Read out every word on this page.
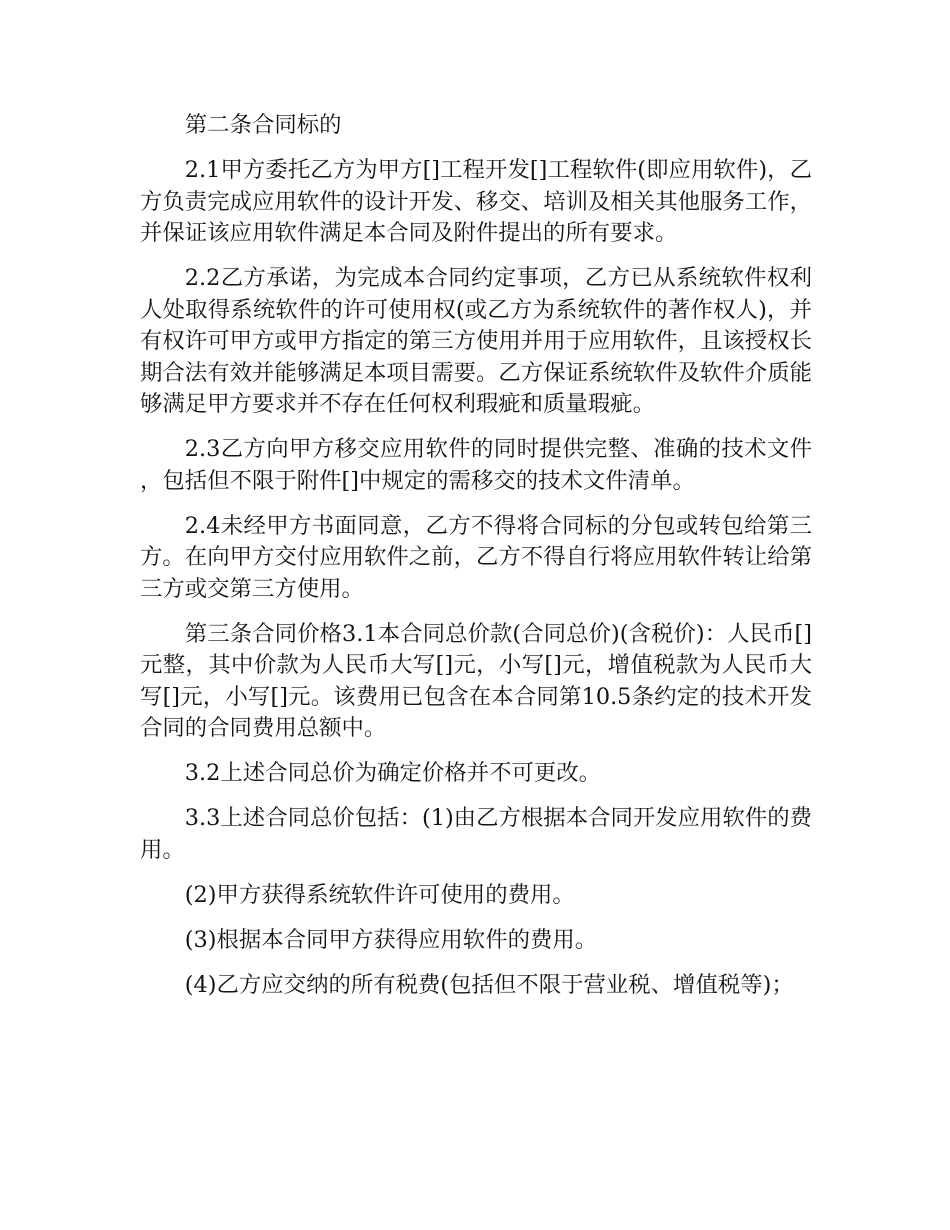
第二条合同标的

2.1甲方委托乙方为甲方[]工程开发[]工程软件(即应用软件)，乙方负责完成应用软件的设计开发、移交、培训及相关其他服务工作，并保证该应用软件满足本合同及附件提出的所有要求。

2.2乙方承诺，为完成本合同约定事项，乙方已从系统软件权利人处取得系统软件的许可使用权(或乙方为系统软件的著作权人)，并有权许可甲方或甲方指定的第三方使用并用于应用软件，且该授权长期合法有效并能够满足本项目需要。乙方保证系统软件及软件介质能够满足甲方要求并不存在任何权利瑕疵和质量瑕疵。

2.3乙方向甲方移交应用软件的同时提供完整、准确的技术文件，包括但不限于附件[]中规定的需移交的技术文件清单。

2.4未经甲方书面同意，乙方不得将合同标的分包或转包给第三方。在向甲方交付应用软件之前，乙方不得自行将应用软件转让给第三方或交第三方使用。

第三条合同价格3.1本合同总价款(合同总价)(含税价)：人民币[]元整，其中价款为人民币大写[]元，小写[]元，增值税款为人民币大写[]元，小写[]元。该费用已包含在本合同第10.5条约定的技术开发合同的合同费用总额中。

3.2上述合同总价为确定价格并不可更改。

3.3上述合同总价包括：(1)由乙方根据本合同开发应用软件的费用。

(2)甲方获得系统软件许可使用的费用。

(3)根据本合同甲方获得应用软件的费用。

(4)乙方应交纳的所有税费(包括但不限于营业税、增值税等)；
